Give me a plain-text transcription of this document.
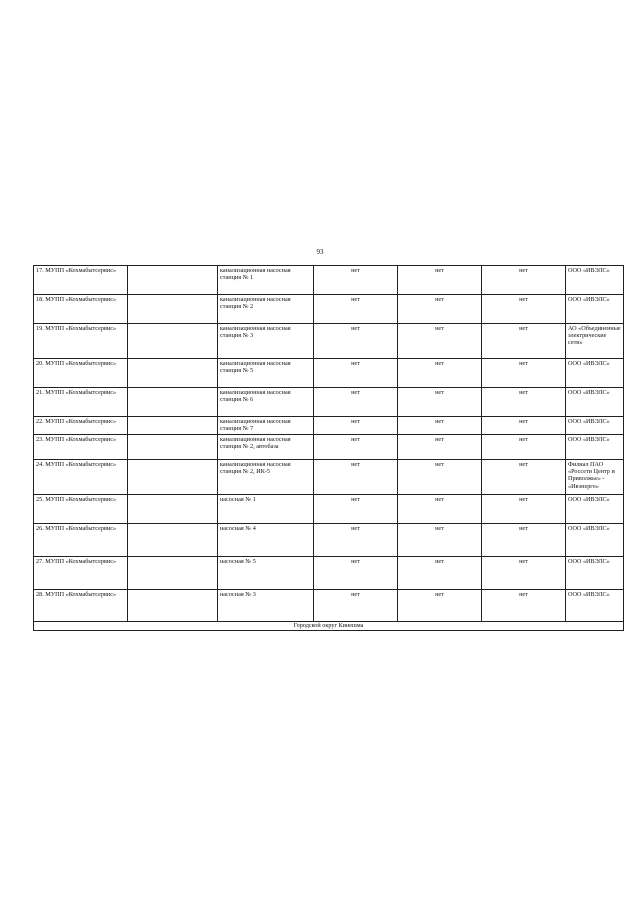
93
17. МУПП «Кохмабытсервис»		канализационная насосная станция № 1	нет	нет	нет	ООО «ИВЭЛС»
18. МУПП «Кохмабытсервис»		канализационная насосная станция № 2	нет	нет	нет	ООО «ИВЭЛС»
19. МУПП «Кохмабытсервис»		канализационная насосная станция № 3	нет	нет	нет	АО «Объединенные электрические сети»
20. МУПП «Кохмабытсервис»		канализационная насосная станция № 5	нет	нет	нет	ООО «ИВЭЛС»
21. МУПП «Кохмабытсервис»		канализационная насосная станция № 6	нет	нет	нет	ООО «ИВЭЛС»
22. МУПП «Кохмабытсервис»		канализационная насосная станция № 7	нет	нет	нет	ООО «ИВЭЛС»
23. МУПП «Кохмабытсервис»		канализационная насосная станция № 2, автобаза	нет	нет	нет	ООО «ИВЭЛС»
24. МУПП «Кохмабытсервис»		канализационная насосная станция № 2, ИК-5	нет	нет	нет	Филиал ПАО «Россети Центр и Приволжье» - «Ивэнерго»
25. МУПП «Кохмабытсервис»		насосная № 1	нет	нет	нет	ООО «ИВЭЛС»
26. МУПП «Кохмабытсервис»		насосная № 4	нет	нет	нет	ООО «ИВЭЛС»
27. МУПП «Кохмабытсервис»		насосная № 5	нет	нет	нет	ООО «ИВЭЛС»
28. МУПП «Кохмабытсервис»		насосная № 3	нет	нет	нет	ООО «ИВЭЛС»
Городской округ Кинешма						
